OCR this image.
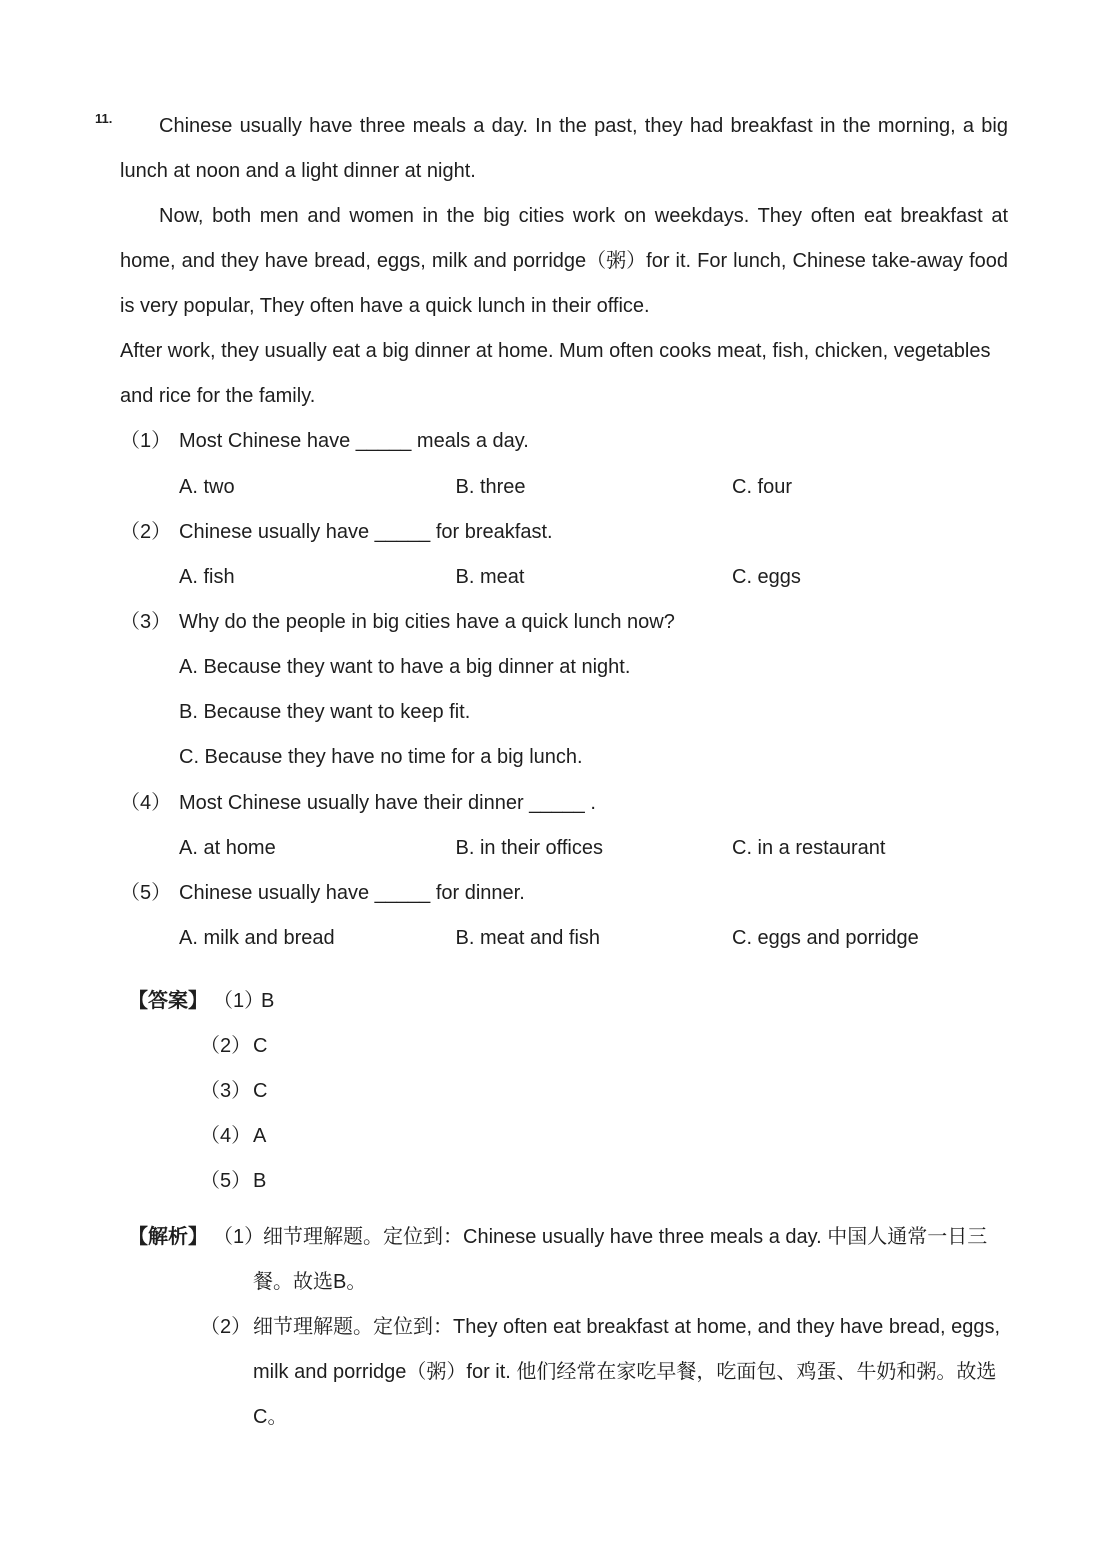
11.	Chinese usually have three meals a day. In the past, they had breakfast in the morning, a big
lunch at noon and a light dinner at night.
Now, both men and women in the big cities work on weekdays. They often eat breakfast at
home, and they have bread, eggs, milk and porridge（粥）for it. For lunch, Chinese take-away food
is very popular, They often have a quick lunch in their office.
After work, they usually eat a big dinner at home. Mum often cooks meat, fish, chicken, vegetables
and rice for the family.
（1） Most Chinese have _____ meals a day.
A. two	B. three	C. four
（2） Chinese usually have _____ for breakfast.
A. fish	B. meat	C. eggs
（3） Why do the people in big cities have a quick lunch now?
A. Because they want to have a big dinner at night.
B. Because they want to keep fit.
C. Because they have no time for a big lunch.
（4） Most Chinese usually have their dinner _____ .
A. at home	B. in their offices	C. in a restaurant
（5） Chinese usually have _____ for dinner.
A. milk and bread	B. meat and fish	C. eggs and porridge
【答案】 （1）
B
（2） C
（3） C
（4） A
（5） B
【解析】 （1）
细节理解题。定位到：Chinese usually have three meals a day. 中国人通常一日三
餐。故选B。
（2） 细节理解题。定位到：They often eat breakfast at home, and they have bread, eggs,
milk and porridge（粥）for it. 他们经常在家吃早餐，吃面包、鸡蛋、牛奶和粥。故选
C。
